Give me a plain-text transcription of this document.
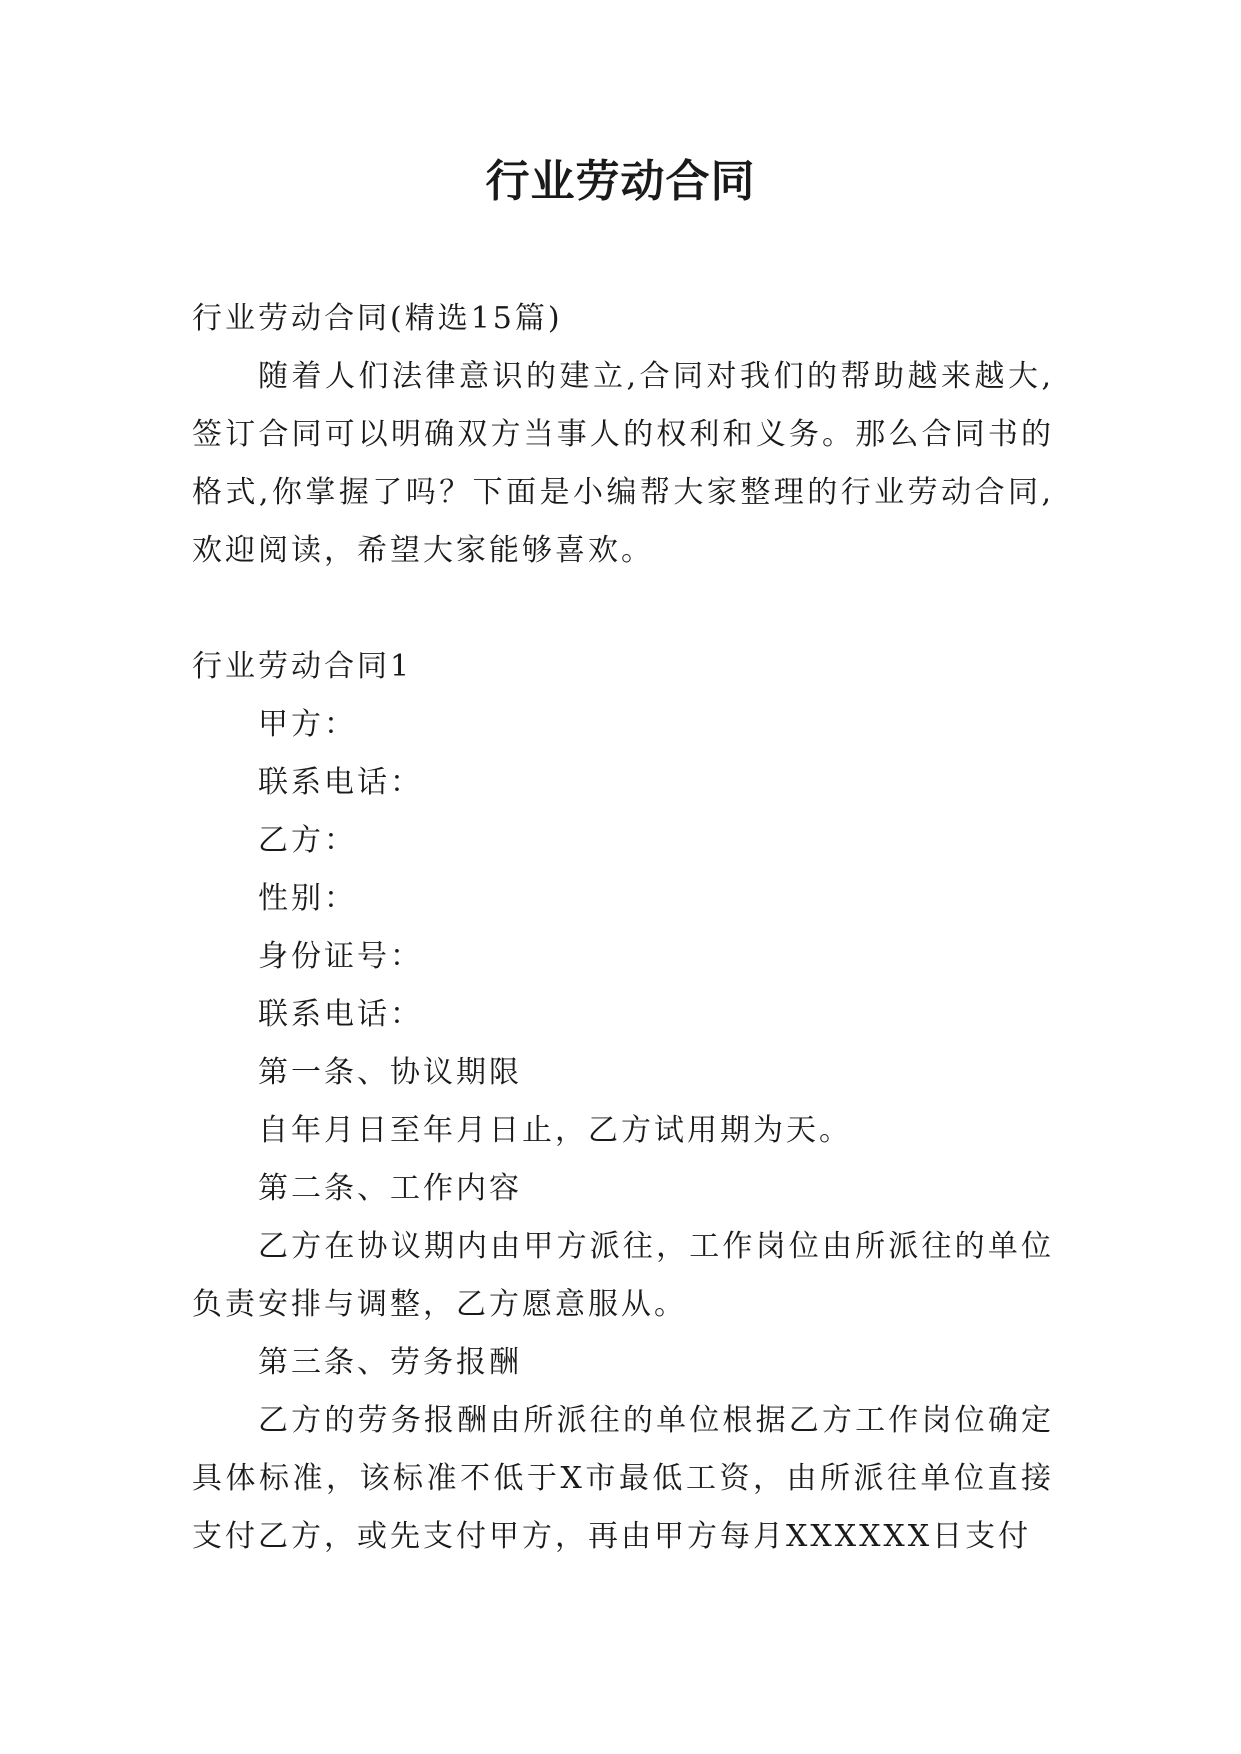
行业劳动合同

行业劳动合同(精选15篇)

随着人们法律意识的建立,合同对我们的帮助越来越大,签订合同可以明确双方当事人的权利和义务。那么合同书的格式,你掌握了吗？下面是小编帮大家整理的行业劳动合同,欢迎阅读，希望大家能够喜欢。

行业劳动合同1

甲方：

联系电话：

乙方：

性别：

身份证号：

联系电话：

第一条、协议期限

自年月日至年月日止，乙方试用期为天。

第二条、工作内容

乙方在协议期内由甲方派往，工作岗位由所派往的单位负责安排与调整，乙方愿意服从。

第三条、劳务报酬

乙方的劳务报酬由所派往的单位根据乙方工作岗位确定具体标准，该标准不低于X市最低工资，由所派往单位直接支付乙方，或先支付甲方，再由甲方每月XXXXXX日支付
